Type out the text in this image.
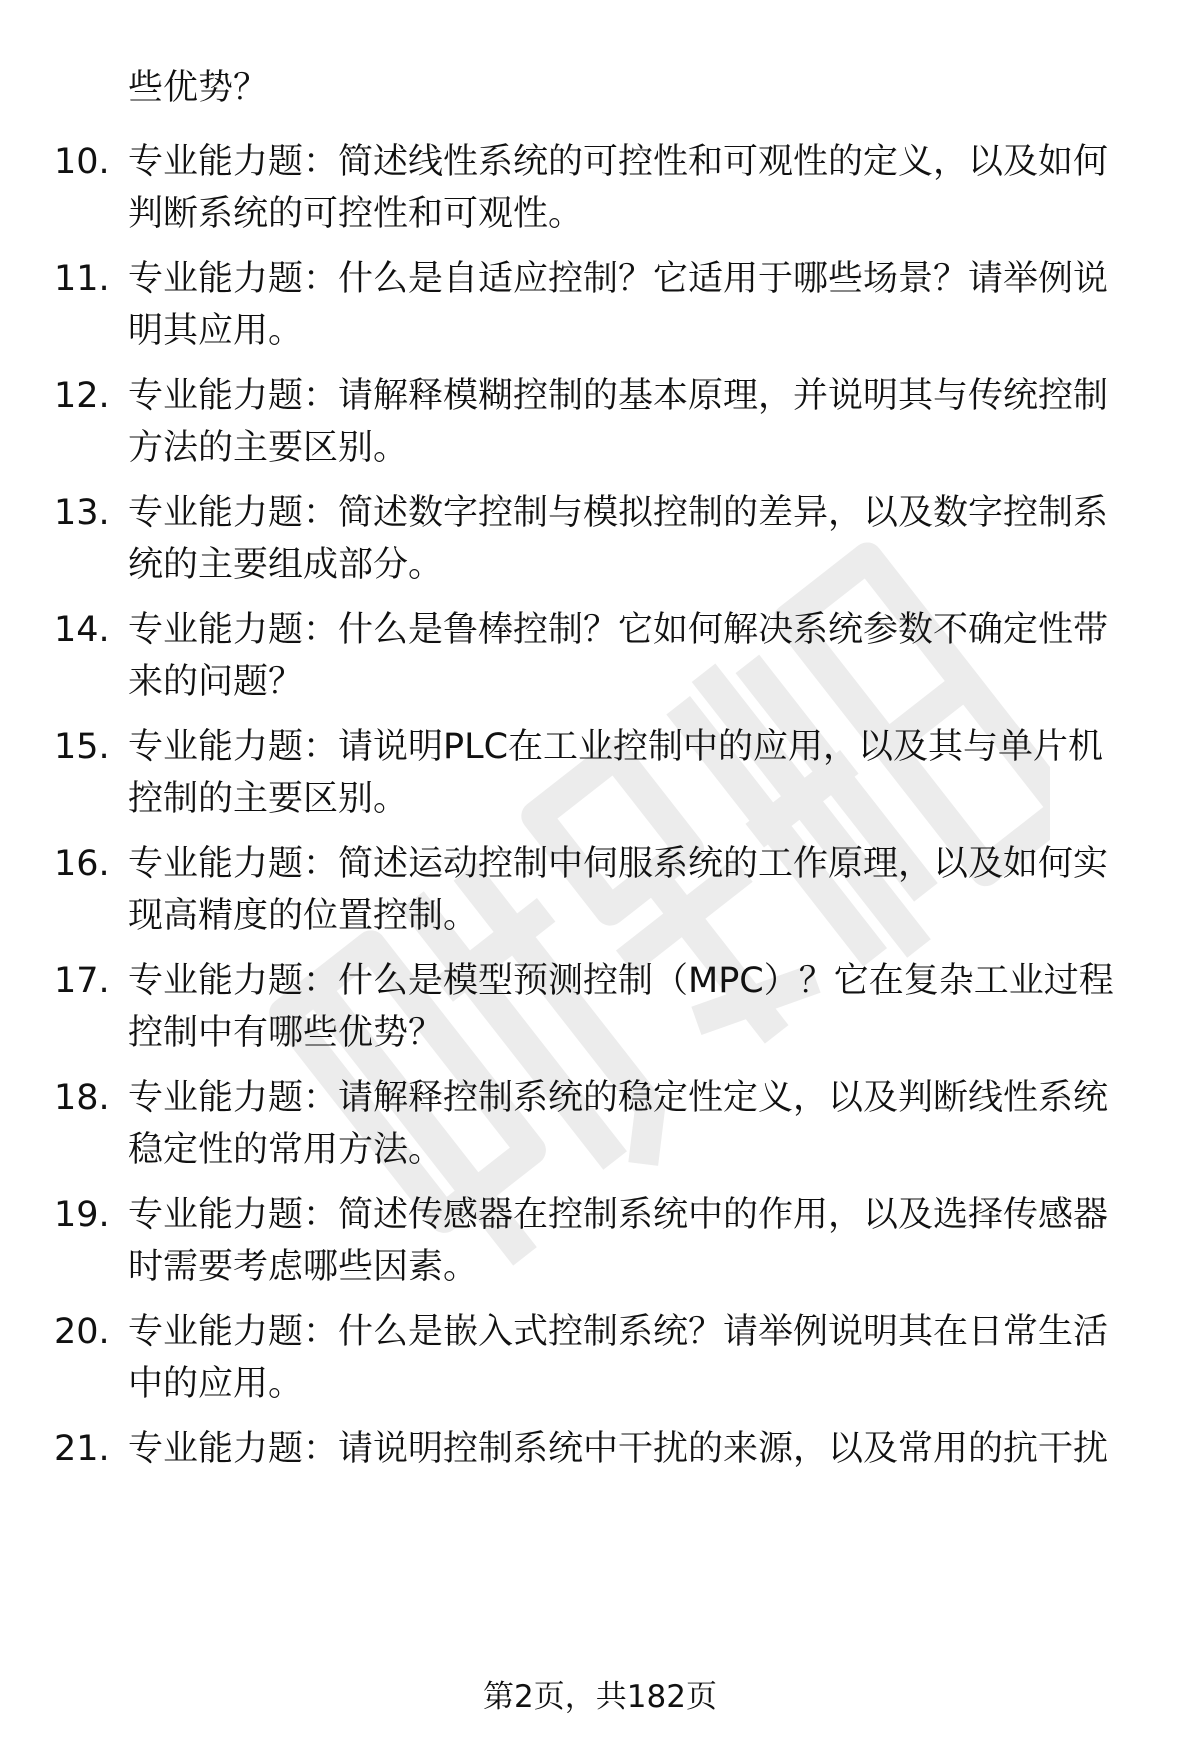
些优势？
10. 专业能力题：简述线性系统的可控性和可观性的定义，以及如何
判断系统的可控性和可观性。
11. 专业能力题：什么是自适应控制？它适用于哪些场景？请举例说
明其应用。
12. 专业能力题：请解释模糊控制的基本原理，并说明其与传统控制
方法的主要区别。
13. 专业能力题：简述数字控制与模拟控制的差异，以及数字控制系
统的主要组成部分。
14. 专业能力题：什么是鲁棒控制？它如何解决系统参数不确定性带
来的问题？
15. 专业能力题：请说明PLC在工业控制中的应用，以及其与单片机
控制的主要区别。
16. 专业能力题：简述运动控制中伺服系统的工作原理，以及如何实
现高精度的位置控制。
17. 专业能力题：什么是模型预测控制（MPC）？它在复杂工业过程
控制中有哪些优势？
18. 专业能力题：请解释控制系统的稳定性定义，以及判断线性系统
稳定性的常用方法。
19. 专业能力题：简述传感器在控制系统中的作用，以及选择传感器
时需要考虑哪些因素。
20. 专业能力题：什么是嵌入式控制系统？请举例说明其在日常生活
中的应用。
21. 专业能力题：请说明控制系统中干扰的来源，以及常用的抗干扰
第2页，共182页
